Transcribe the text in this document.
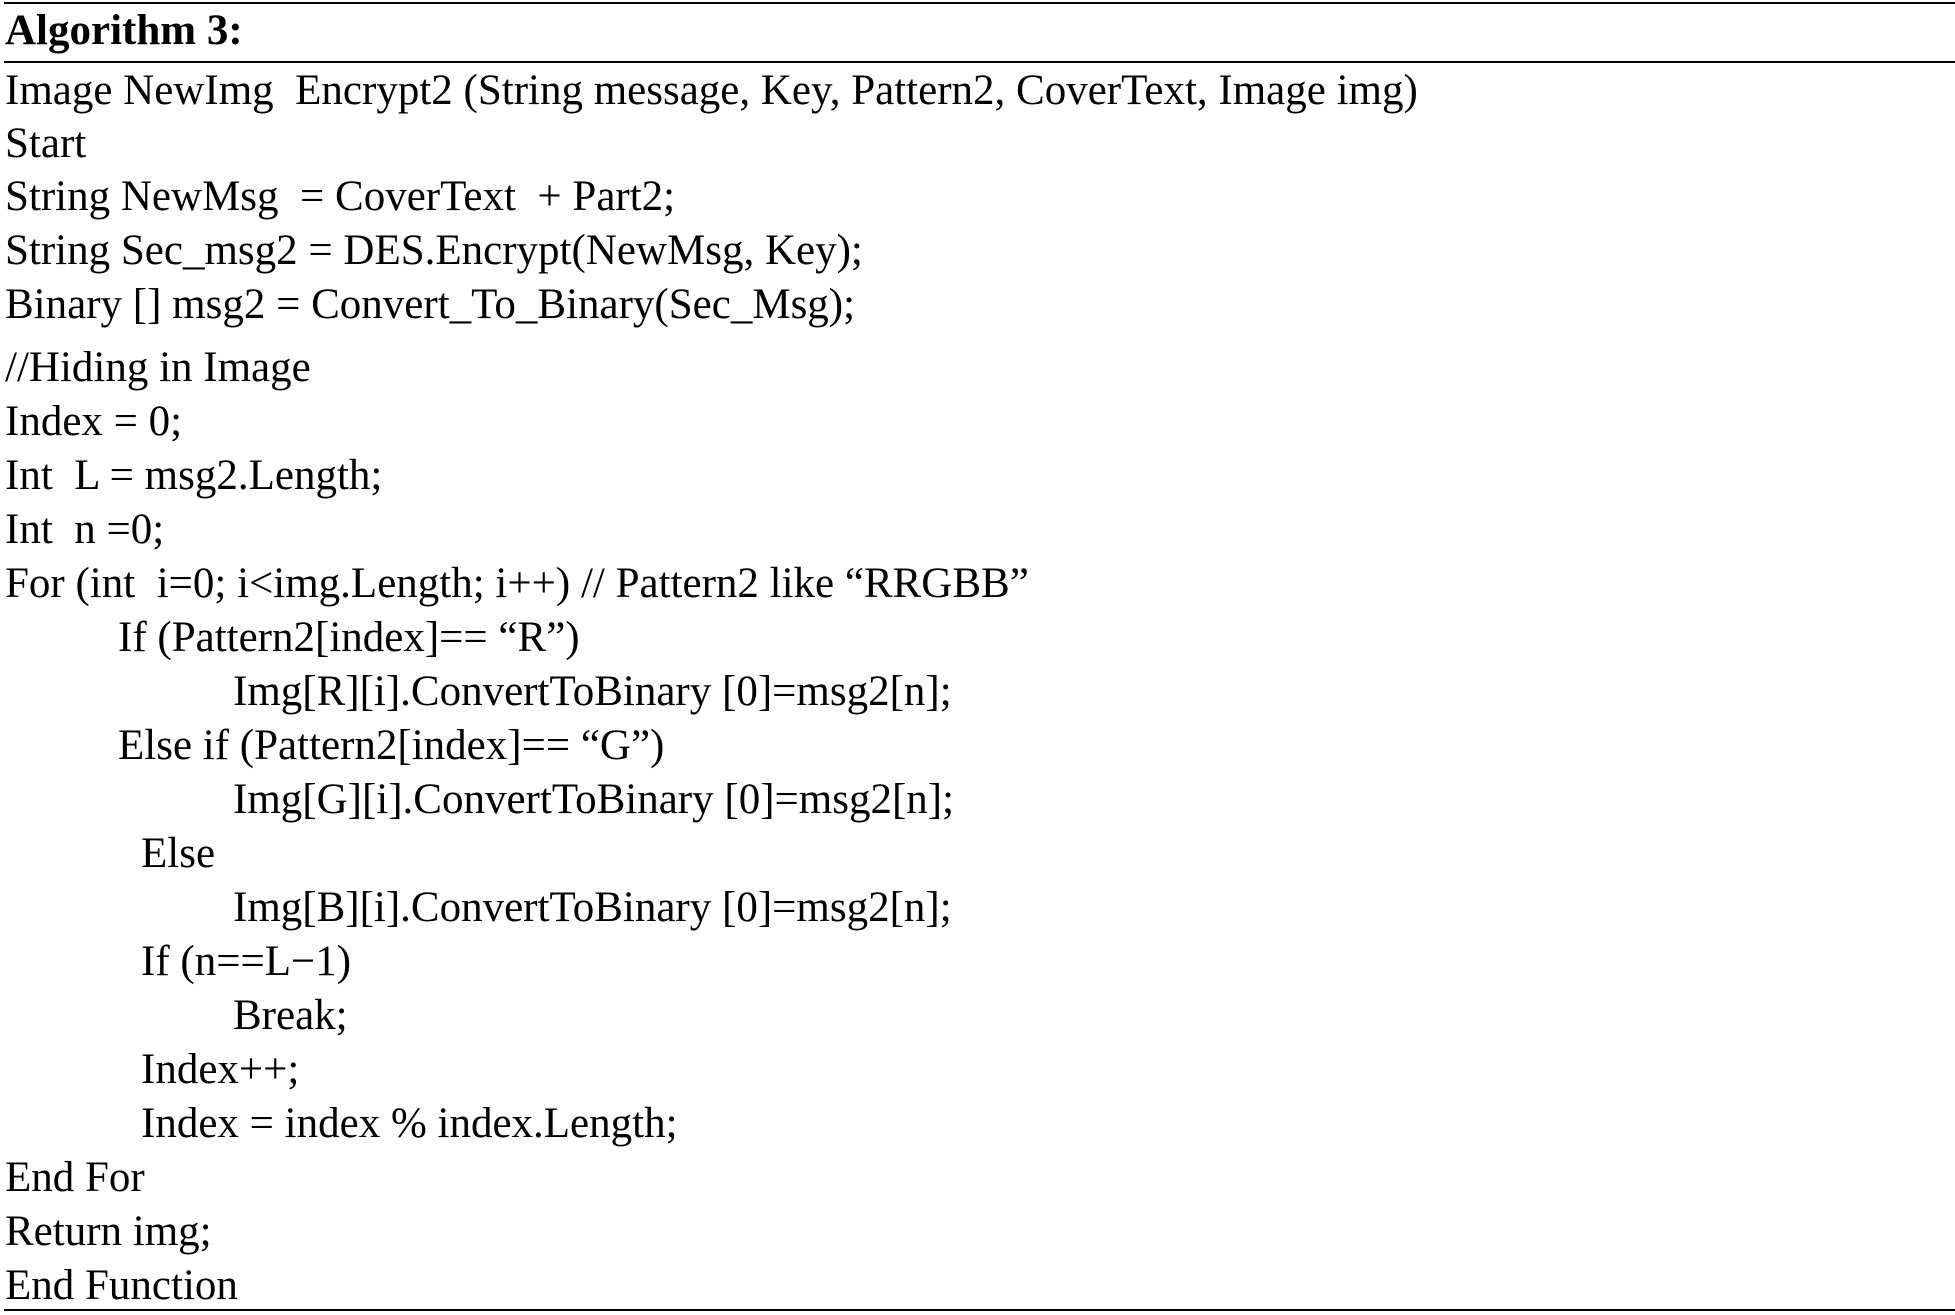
Algorithm 3:
Image NewImg  Encrypt2 (String message, Key, Pattern2, CoverText, Image img)
Start
String NewMsg  = CoverText  + Part2;
String Sec_msg2 = DES.Encrypt(NewMsg, Key);
Binary [] msg2 = Convert_To_Binary(Sec_Msg);
//Hiding in Image
Index = 0;
Int  L = msg2.Length;
Int  n =0;
For (int  i=0; i<img.Length; i++) // Pattern2 like “RRGBB”
If (Pattern2[index]== “R”)
Img[R][i].ConvertToBinary [0]=msg2[n];
Else if (Pattern2[index]== “G”)
Img[G][i].ConvertToBinary [0]=msg2[n];
Else
Img[B][i].ConvertToBinary [0]=msg2[n];
If (n==L−1)
Break;
Index++;
Index = index % index.Length;
End For
Return img;
End Function
